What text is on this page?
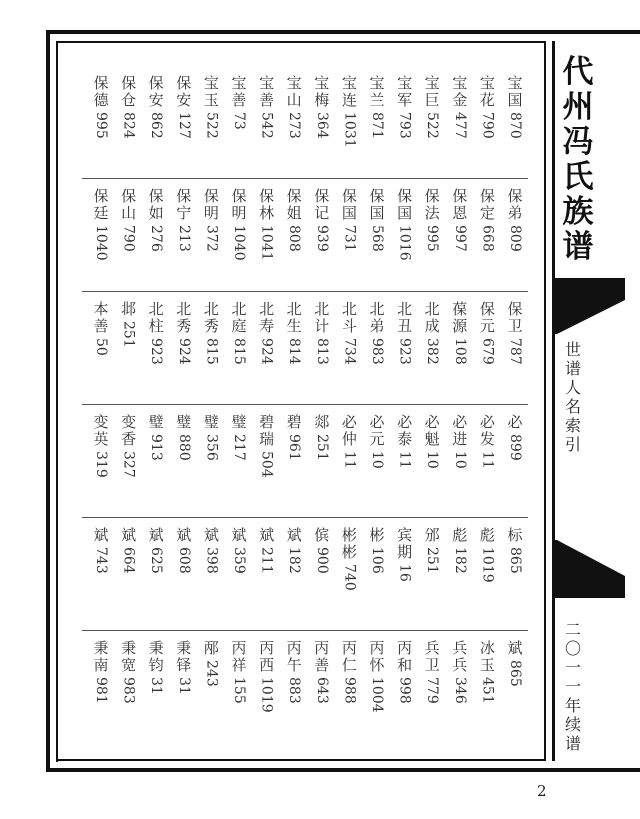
宝国
870
宝花
790
宝金
477
宝巨
522
宝军
793
宝兰
871
宝连
1031
宝梅
364
宝山
273
宝善
542
宝善
73
宝玉
522
保安
127
保安
862
保仓
824
保德
995
保弟
809
保定
668
保恩
997
保法
995
保国
1016
保国
568
保国
731
保记
939
保姐
808
保林
1041
保明
1040
保明
372
保宁
213
保如
276
保山
790
保廷
1040
保卫
787
保元
679
葆源
108
北成
382
北丑
923
北弟
983
北斗
734
北计
813
北生
814
北寿
924
北庭
815
北秀
815
北秀
924
北柱
923
邶
251
本善
50
必
899
必发
11
必进
10
必魁
10
必泰
11
必元
10
必仲
11
郯
251
碧
961
碧瑞
504
璧
217
璧
356
璧
880
璧
913
变香
327
变英
319
标
865
彪
1019
彪
182
邠
251
宾期
16
彬
106
彬彬
740
傧
900
斌
182
斌
211
斌
359
斌
398
斌
608
斌
625
斌
664
斌
743
斌
865
冰玉
451
兵兵
346
兵卫
779
丙和
998
丙怀
1004
丙仁
988
丙善
643
丙午
883
丙西
1019
丙祥
155
邴
243
秉铎
31
秉钧
31
秉宽
983
秉南
981
代州冯氏族谱
世谱人名索引
二〇一一年续谱
2
